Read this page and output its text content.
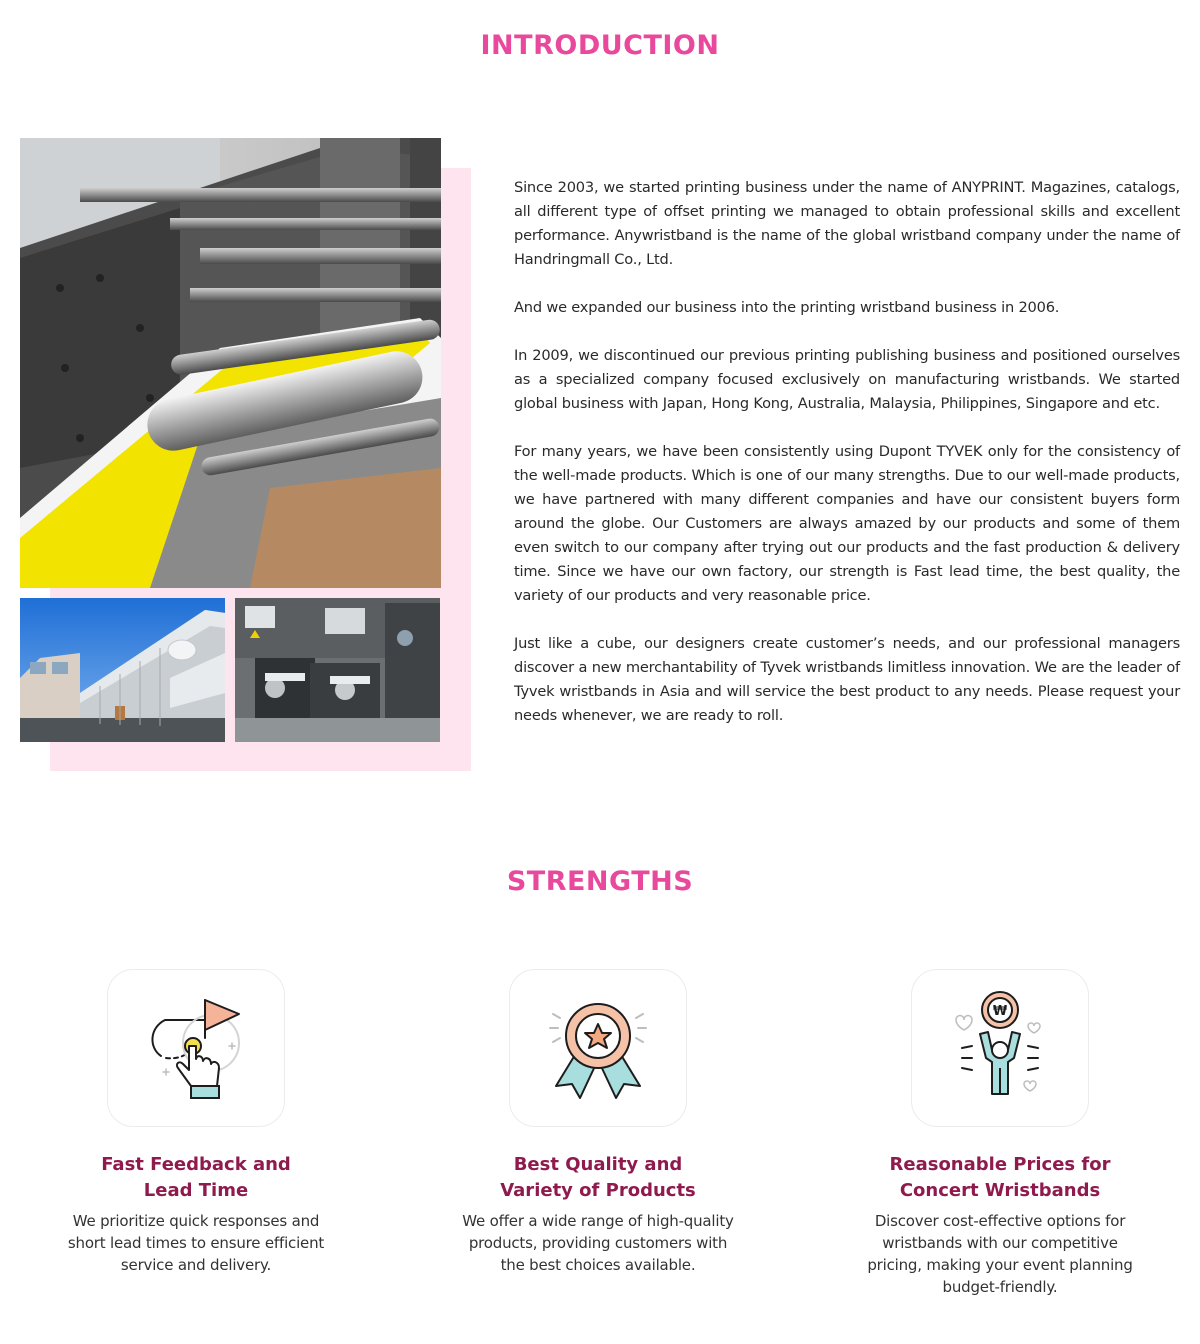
INTRODUCTION

Since 2003, we started printing business under the name of ANYPRINT. Magazines, catalogs, all different type of offset printing we managed to obtain professional skills and excellent performance. Anywristband is the name of the global wristband company under the name of Handringmall Co., Ltd.

And we expanded our business into the printing wristband business in 2006.

In 2009, we discontinued our previous printing publishing business and positioned ourselves as a specialized company focused exclusively on manufacturing wristbands. We started global business with Japan, Hong Kong, Australia, Malaysia, Philippines, Singapore and etc.

For many years, we have been consistently using Dupont TYVEK only for the consistency of the well-made products. Which is one of our many strengths. Due to our well-made products, we have partnered with many different companies and have our consistent buyers form around the globe. Our Customers are always amazed by our products and some of them even switch to our company after trying out our products and the fast production & delivery time. Since we have our own factory, our strength is Fast lead time, the best quality, the variety of our products and very reasonable price.

Just like a cube, our designers create customer’s needs, and our professional managers discover a new merchantability of Tyvek wristbands limitless innovation. We are the leader of Tyvek wristbands in Asia and will service the best product to any needs. Please request your needs whenever, we are ready to roll.

STRENGTHS
Fast Feedback and
Lead Time

We prioritize quick responses and
short lead times to ensure efficient
service and delivery.

Best Quality and
Variety of Products

We offer a wide range of high-quality
products, providing customers with
the best choices available.

₩
Reasonable Prices for
Concert Wristbands

Discover cost-effective options for
wristbands with our competitive
pricing, making your event planning
budget-friendly.
